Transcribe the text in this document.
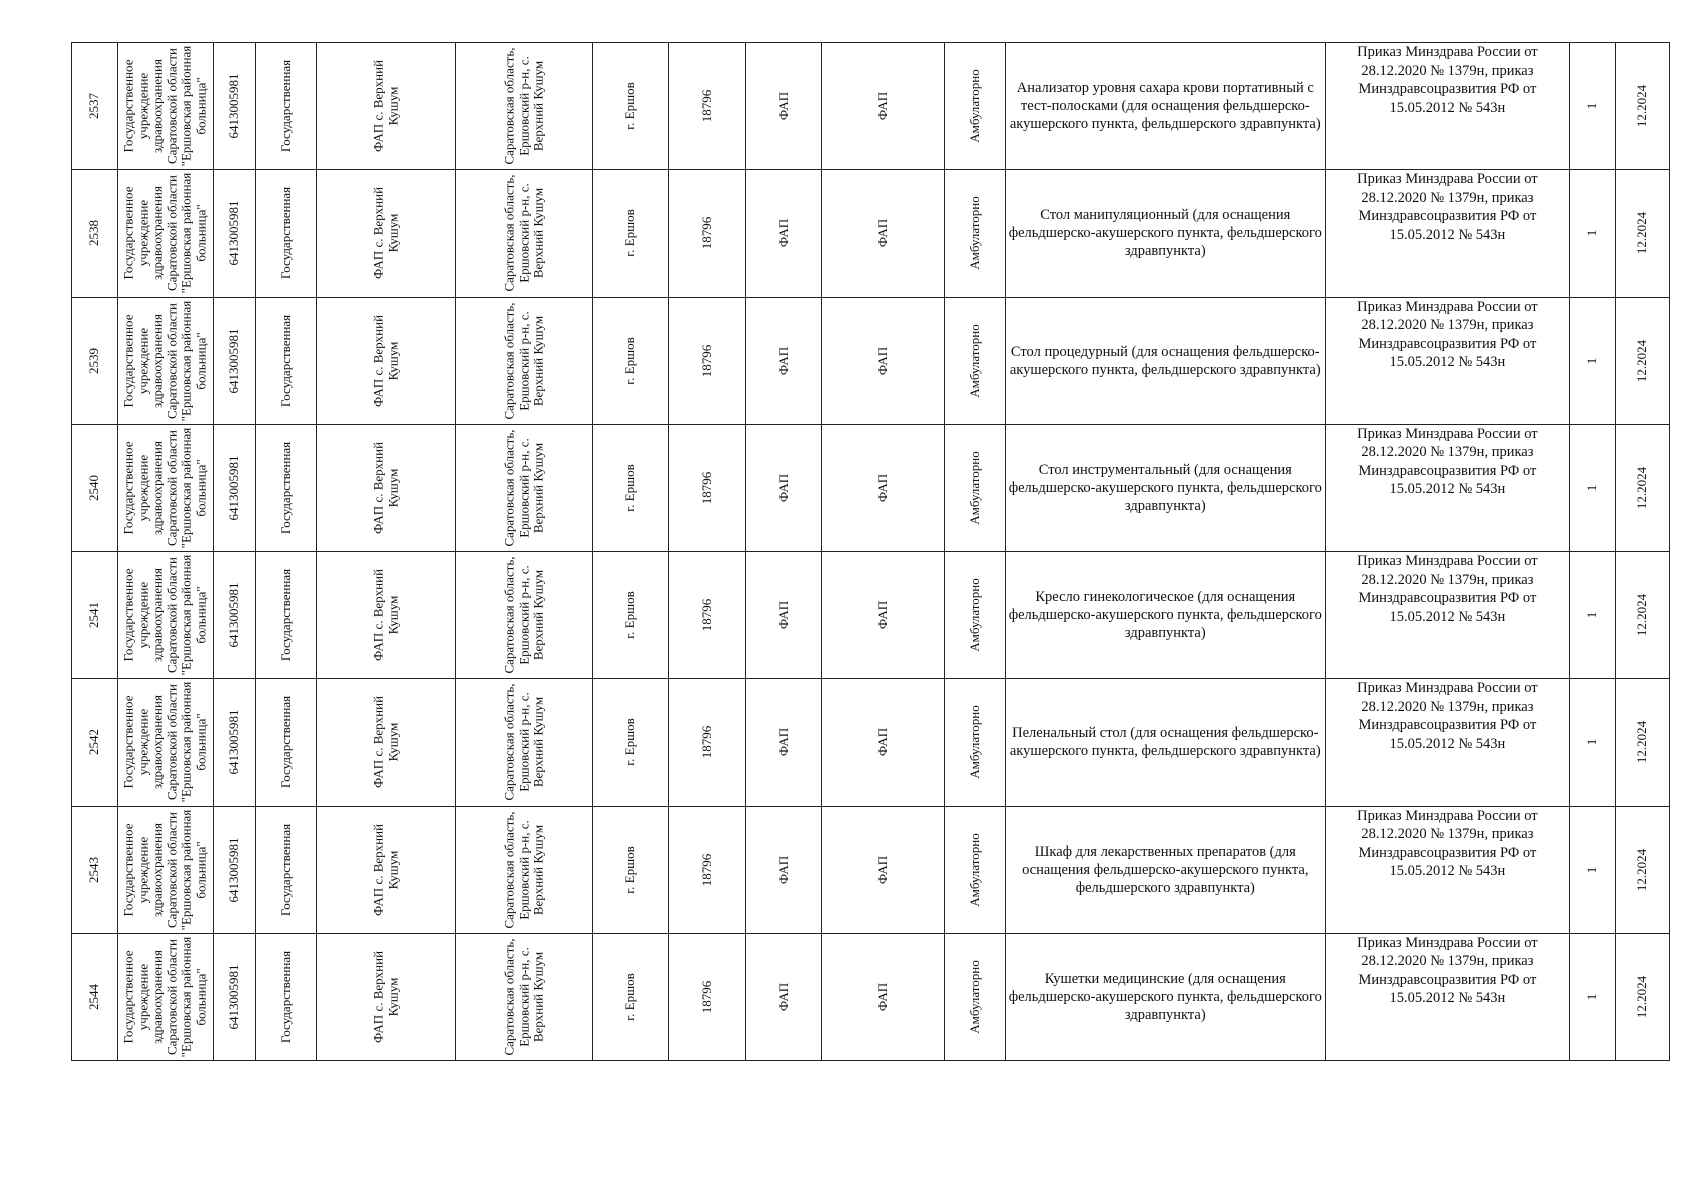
2537	Государственное учреждение здравоохранения Саратовской области "Ершовская районная больница"	6413005981	Государственная	ФАП с. Верхний Кушум	Саратовская область, Ершовский р-н, с. Верхний Кушум	г. Ершов	18796	ФАП	ФАП	Амбулаторно	Анализатор уровня сахара крови портативный с тест-полосками (для оснащения фельдшерско-акушерского пункта, фельдшерского здравпункта)	Приказ Минздрава России от 28.12.2020 № 1379н, приказ Минздравсоцразвития РФ от 15.05.2012 № 543н	1	12.2024

2538	Государственное учреждение здравоохранения Саратовской области "Ершовская районная больница"	6413005981	Государственная	ФАП с. Верхний Кушум	Саратовская область, Ершовский р-н, с. Верхний Кушум	г. Ершов	18796	ФАП	ФАП	Амбулаторно	Стол манипуляционный (для оснащения фельдшерско-акушерского пункта, фельдшерского здравпункта)	Приказ Минздрава России от 28.12.2020 № 1379н, приказ Минздравсоцразвития РФ от 15.05.2012 № 543н	1	12.2024

2539	Государственное учреждение здравоохранения Саратовской области "Ершовская районная больница"	6413005981	Государственная	ФАП с. Верхний Кушум	Саратовская область, Ершовский р-н, с. Верхний Кушум	г. Ершов	18796	ФАП	ФАП	Амбулаторно	Стол процедурный (для оснащения фельдшерско-акушерского пункта, фельдшерского здравпункта)	Приказ Минздрава России от 28.12.2020 № 1379н, приказ Минздравсоцразвития РФ от 15.05.2012 № 543н	1	12.2024

2540	Государственное учреждение здравоохранения Саратовской области "Ершовская районная больница"	6413005981	Государственная	ФАП с. Верхний Кушум	Саратовская область, Ершовский р-н, с. Верхний Кушум	г. Ершов	18796	ФАП	ФАП	Амбулаторно	Стол инструментальный (для оснащения фельдшерско-акушерского пункта, фельдшерского здравпункта)	Приказ Минздрава России от 28.12.2020 № 1379н, приказ Минздравсоцразвития РФ от 15.05.2012 № 543н	1	12.2024

2541	Государственное учреждение здравоохранения Саратовской области "Ершовская районная больница"	6413005981	Государственная	ФАП с. Верхний Кушум	Саратовская область, Ершовский р-н, с. Верхний Кушум	г. Ершов	18796	ФАП	ФАП	Амбулаторно	Кресло гинекологическое (для оснащения фельдшерско-акушерского пункта, фельдшерского здравпункта)	Приказ Минздрава России от 28.12.2020 № 1379н, приказ Минздравсоцразвития РФ от 15.05.2012 № 543н	1	12.2024

2542	Государственное учреждение здравоохранения Саратовской области "Ершовская районная больница"	6413005981	Государственная	ФАП с. Верхний Кушум	Саратовская область, Ершовский р-н, с. Верхний Кушум	г. Ершов	18796	ФАП	ФАП	Амбулаторно	Пеленальный стол (для оснащения фельдшерско-акушерского пункта, фельдшерского здравпункта)	Приказ Минздрава России от 28.12.2020 № 1379н, приказ Минздравсоцразвития РФ от 15.05.2012 № 543н	1	12.2024

2543	Государственное учреждение здравоохранения Саратовской области "Ершовская районная больница"	6413005981	Государственная	ФАП с. Верхний Кушум	Саратовская область, Ершовский р-н, с. Верхний Кушум	г. Ершов	18796	ФАП	ФАП	Амбулаторно	Шкаф для лекарственных препаратов (для оснащения фельдшерско-акушерского пункта, фельдшерского здравпункта)	Приказ Минздрава России от 28.12.2020 № 1379н, приказ Минздравсоцразвития РФ от 15.05.2012 № 543н	1	12.2024

2544	Государственное учреждение здравоохранения Саратовской области "Ершовская районная больница"	6413005981	Государственная	ФАП с. Верхний Кушум	Саратовская область, Ершовский р-н, с. Верхний Кушум	г. Ершов	18796	ФАП	ФАП	Амбулаторно	Кушетки медицинские (для оснащения фельдшерско-акушерского пункта, фельдшерского здравпункта)	Приказ Минздрава России от 28.12.2020 № 1379н, приказ Минздравсоцразвития РФ от 15.05.2012 № 543н	1	12.2024
